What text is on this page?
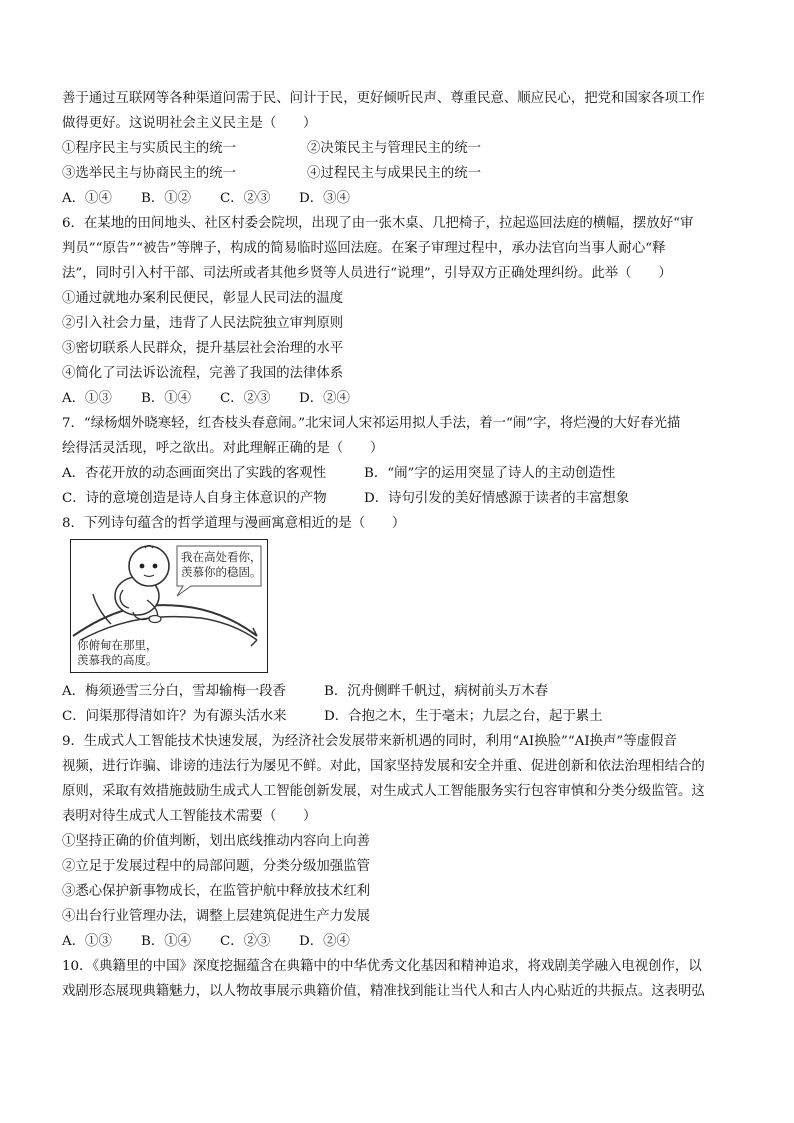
善于通过互联网等各种渠道问需于民、问计于民，更好倾听民声、尊重民意、顺应民心，把党和国家各项工作
做得更好。这说明社会主义民主是（　　）
①程序民主与实质民主的统一	②决策民主与管理民主的统一
③选举民主与协商民主的统一	④过程民主与成果民主的统一
A．①④	B．①②	C．②③	D．③④
6．在某地的田间地头、社区村委会院坝，出现了由一张木桌、几把椅子，拉起巡回法庭的横幅，摆放好“审
判员”“原告”“被告”等牌子，构成的简易临时巡回法庭。在案子审理过程中，承办法官向当事人耐心“释
法”，同时引入村干部、司法所或者其他乡贤等人员进行“说理”，引导双方正确处理纠纷。此举（　　）
①通过就地办案利民便民，彰显人民司法的温度
②引入社会力量，违背了人民法院独立审判原则
③密切联系人民群众，提升基层社会治理的水平
④简化了司法诉讼流程，完善了我国的法律体系
A．①③	B．①④	C．②③	D．②④
7．“绿杨烟外晓寒轻，红杏枝头春意闹。”北宋词人宋祁运用拟人手法，着一“闹”字，将烂漫的大好春光描
绘得活灵活现，呼之欲出。对此理解正确的是（　　）
A．杏花开放的动态画面突出了实践的客观性	B．“闹”字的运用突显了诗人的主动创造性
C．诗的意境创造是诗人自身主体意识的产物	D．诗句引发的美好情感源于读者的丰富想象
8．下列诗句蕴含的哲学道理与漫画寓意相近的是（　　）
我在高处看你，
羡慕你的稳固。
你俯甸在那里，
羡慕我的高度。
A．梅须逊雪三分白，雪却输梅一段香	B．沉舟侧畔千帆过，病树前头万木春
C．问渠那得清如许？为有源头活水来	D．合抱之木，生于毫末；九层之台，起于累土
9．生成式人工智能技术快速发展，为经济社会发展带来新机遇的同时，利用“AI换脸”“AI换声”等虚假音
视频，进行诈骗、诽谤的违法行为屡见不鲜。对此，国家坚持发展和安全并重、促进创新和依法治理相结合的
原则，采取有效措施鼓励生成式人工智能创新发展，对生成式人工智能服务实行包容审慎和分类分级监管。这
表明对待生成式人工智能技术需要（　　）
①坚持正确的价值判断，划出底线推动内容向上向善
②立足于发展过程中的局部问题，分类分级加强监管
③悉心保护新事物成长，在监管护航中释放技术红利
④出台行业管理办法，调整上层建筑促进生产力发展
A．①③	B．①④	C．②③	D．②④
10．《典籍里的中国》深度挖掘蕴含在典籍中的中华优秀文化基因和精神追求，将戏剧美学融入电视创作，以
戏剧形态展现典籍魅力，以人物故事展示典籍价值，精准找到能让当代人和古人内心贴近的共振点。这表明弘
